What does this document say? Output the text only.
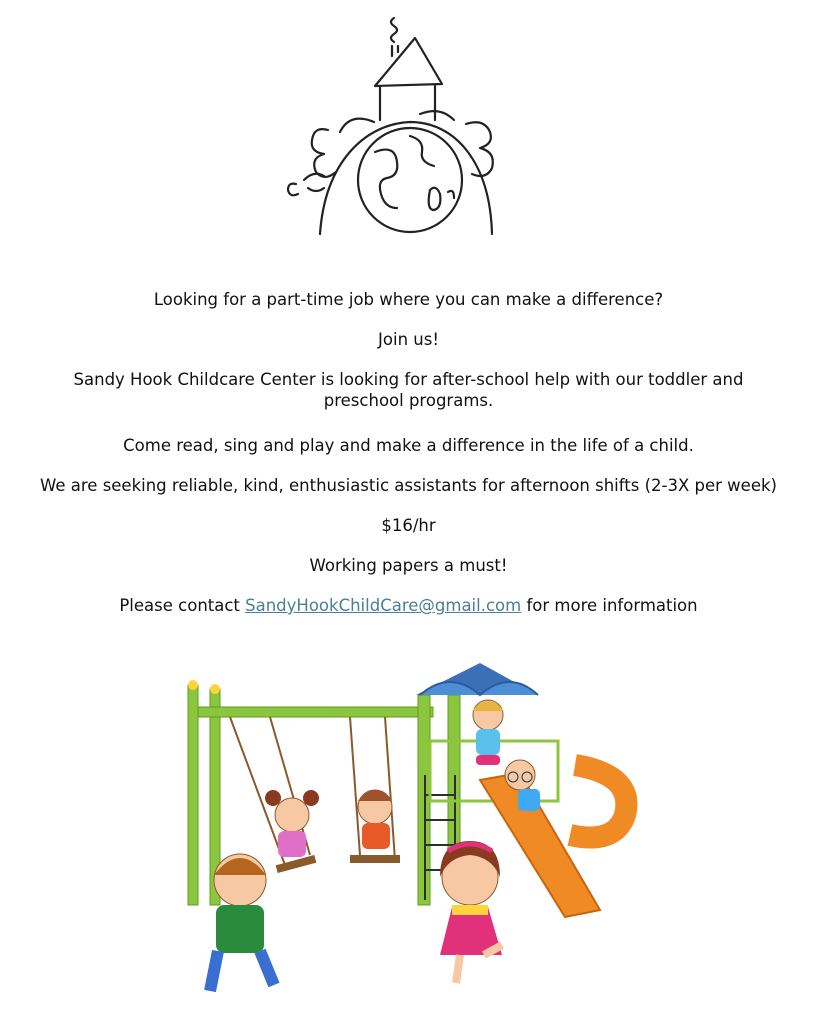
Looking for a part-time job where you can make a difference?

Join us!

Sandy Hook Childcare Center is looking for after-school help with our toddler and preschool programs.

Come read, sing and play and make a difference in the life of a child.

We are seeking reliable, kind, enthusiastic assistants for afternoon shifts (2-3X per week)

$16/hr

Working papers a must!

Please contact SandyHookChildCare@gmail.com for more information
